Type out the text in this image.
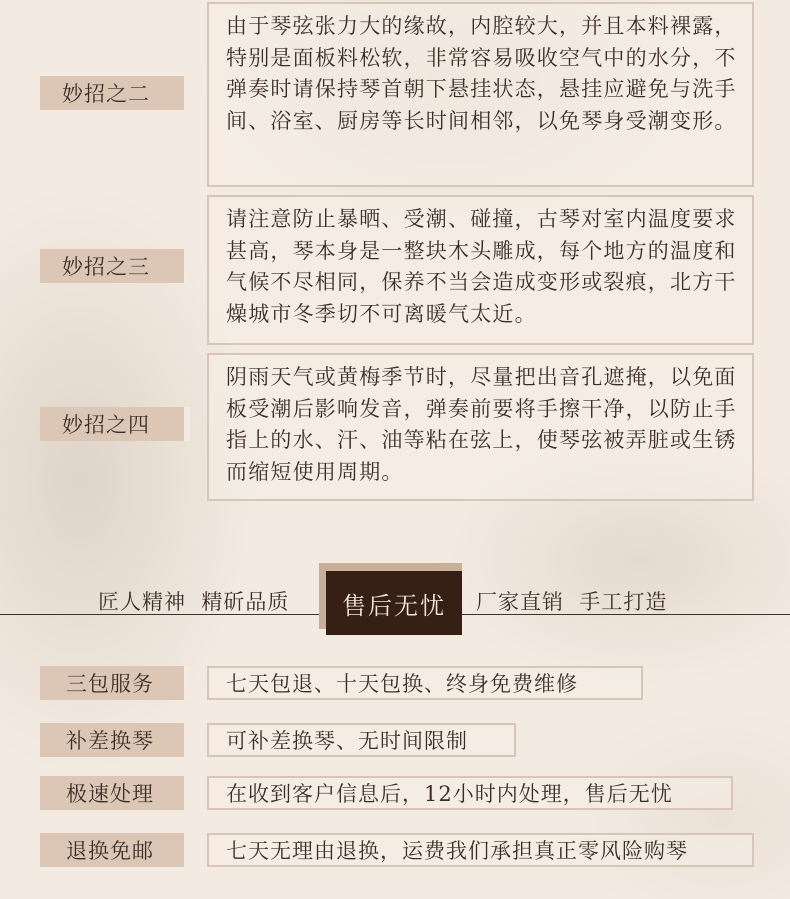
由于琴弦张力大的缘故，内腔较大，并且本料裸露，特别是面板料松软，非常容易吸收空气中的水分，不弹奏时请保持琴首朝下悬挂状态，悬挂应避免与洗手间、浴室、厨房等长时间相邻，以免琴身受潮变形。
妙招之二
请注意防止暴晒、受潮、碰撞，古琴对室内温度要求甚高，琴本身是一整块木头雕成，每个地方的温度和气候不尽相同，保养不当会造成变形或裂痕，北方干燥城市冬季切不可离暖气太近。
妙招之三
阴雨天气或黄梅季节时，尽量把出音孔遮掩，以免面板受潮后影响发音，弹奏前要将手擦干净，以防止手指上的水、汗、油等粘在弦上，使琴弦被弄脏或生锈而缩短使用周期。
妙招之四
匠人精神  精斫品质	售后无忧	厂家直销  手工打造
七天包退、十天包换、终身免费维修
三包服务
可补差换琴、无时间限制
补差换琴
在收到客户信息后，12小时内处理，售后无忧
极速处理
七天无理由退换，运费我们承担真正零风险购琴
退换免邮
